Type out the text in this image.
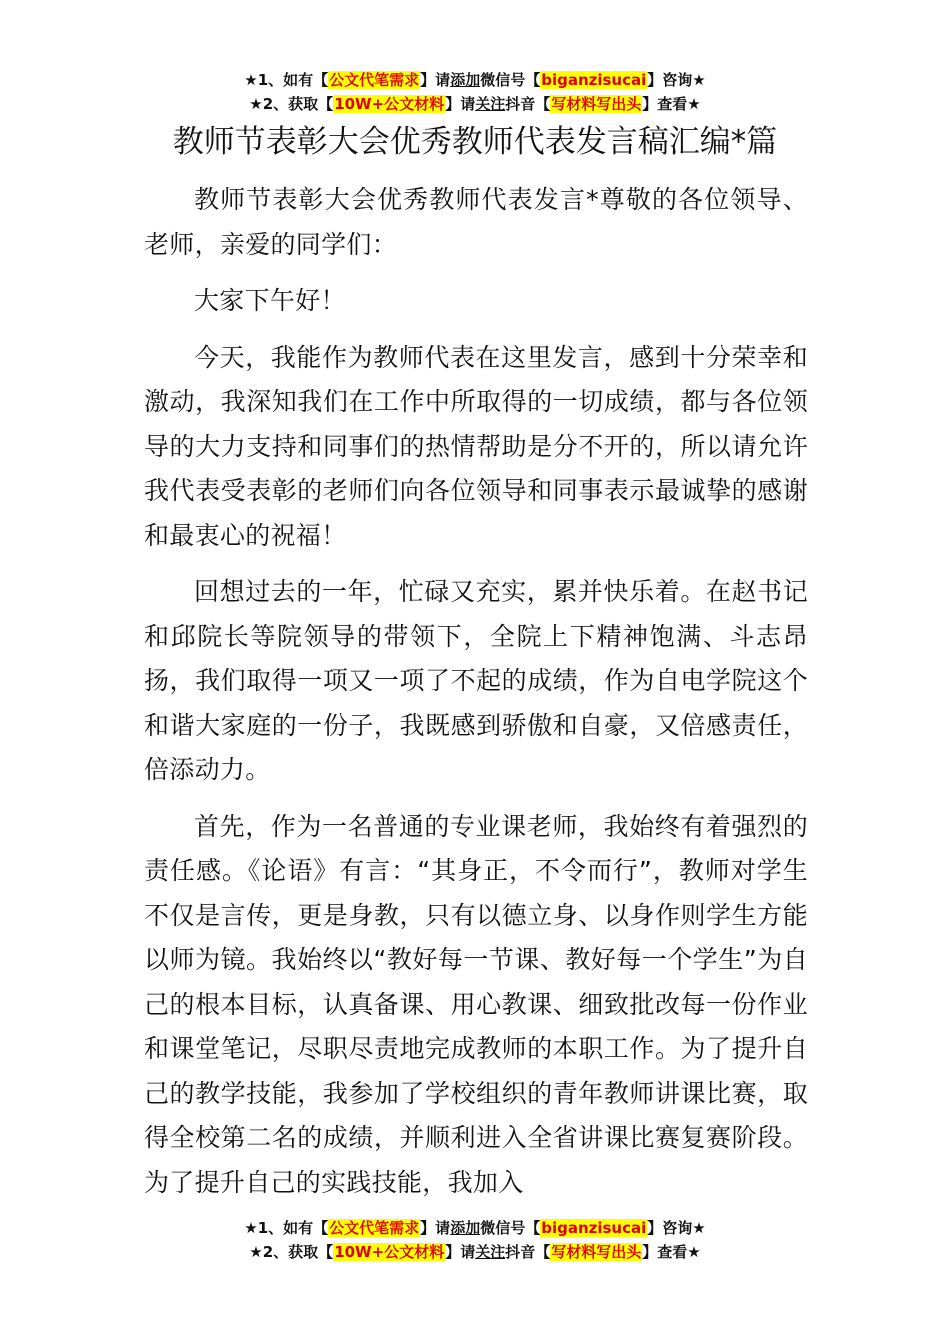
★1、如有【公文代笔需求】请添加微信号【biganzisucai】咨询★
★2、获取【10W+公文材料】请关注抖音【写材料写出头】查看★
教师节表彰大会优秀教师代表发言稿汇编*篇

教师节表彰大会优秀教师代表发言*尊敬的各位领导、老师，亲爱的同学们：

大家下午好！

今天，我能作为教师代表在这里发言，感到十分荣幸和激动，我深知我们在工作中所取得的一切成绩，都与各位领导的大力支持和同事们的热情帮助是分不开的，所以请允许我代表受表彰的老师们向各位领导和同事表示最诚挚的感谢和最衷心的祝福！

回想过去的一年，忙碌又充实，累并快乐着。在赵书记和邱院长等院领导的带领下，全院上下精神饱满、斗志昂扬，我们取得一项又一项了不起的成绩，作为自电学院这个和谐大家庭的一份子，我既感到骄傲和自豪，又倍感责任，倍添动力。

首先，作为一名普通的专业课老师，我始终有着强烈的责任感。《论语》有言：“其身正，不令而行”，教师对学生不仅是言传，更是身教，只有以德立身、以身作则学生方能以师为镜。我始终以“教好每一节课、教好每一个学生”为自己的根本目标，认真备课、用心教课、细致批改每一份作业和课堂笔记，尽职尽责地完成教师的本职工作。为了提升自己的教学技能，我参加了学校组织的青年教师讲课比赛，取得全校第二名的成绩，并顺利进入全省讲课比赛复赛阶段。为了提升自己的实践技能，我加入

★1、如有【公文代笔需求】请添加微信号【biganzisucai】咨询★
★2、获取【10W+公文材料】请关注抖音【写材料写出头】查看★
